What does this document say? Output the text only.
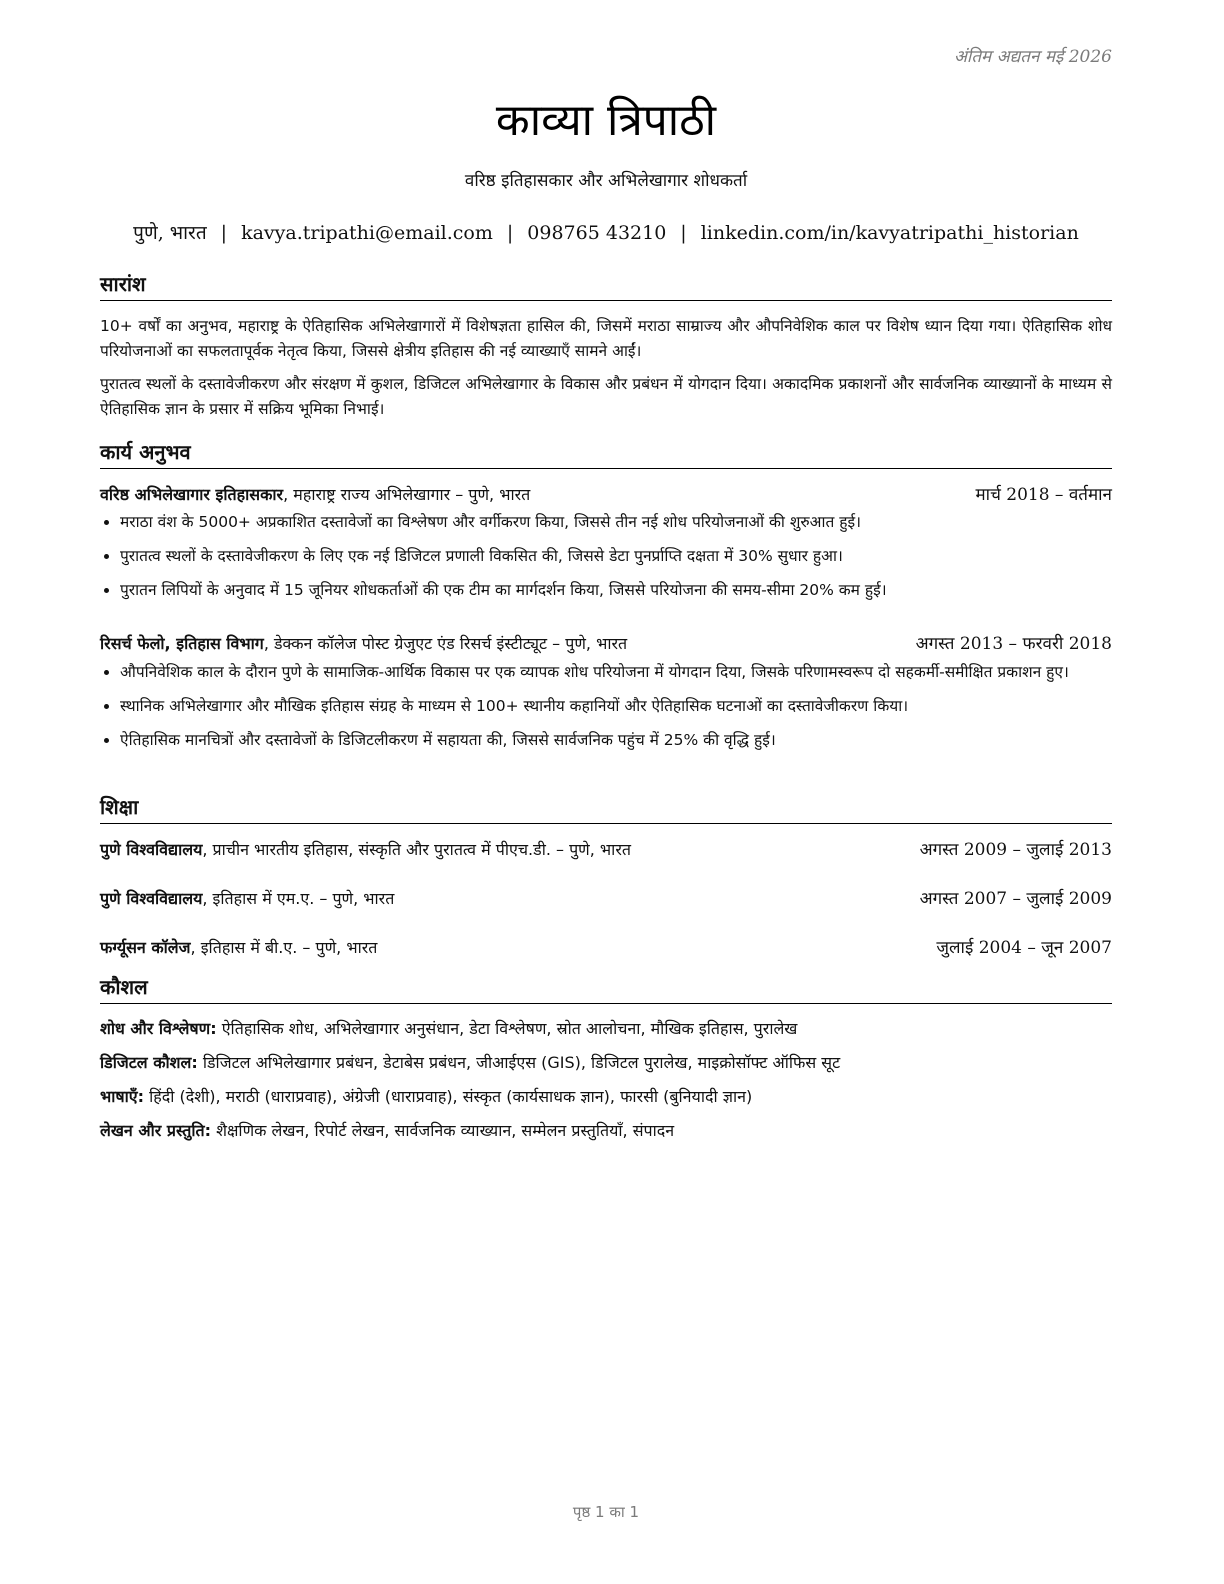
अंतिम अद्यतन मई 2026
काव्या त्रिपाठी
वरिष्ठ इतिहासकार और अभिलेखागार शोधकर्ता
पुणे, भारत | kavya.tripathi@email.com | 098765 43210 | linkedin.com/in/kavyatripathi_historian
सारांश
10+ वर्षों का अनुभव, महाराष्ट्र के ऐतिहासिक अभिलेखागारों में विशेषज्ञता हासिल की, जिसमें मराठा साम्राज्य और औपनिवेशिक काल पर विशेष ध्यान दिया गया। ऐतिहासिक शोध परियोजनाओं का सफलतापूर्वक नेतृत्व किया, जिससे क्षेत्रीय इतिहास की नई व्याख्याएँ सामने आईं।
पुरातत्व स्थलों के दस्तावेजीकरण और संरक्षण में कुशल, डिजिटल अभिलेखागार के विकास और प्रबंधन में योगदान दिया। अकादमिक प्रकाशनों और सार्वजनिक व्याख्यानों के माध्यम से ऐतिहासिक ज्ञान के प्रसार में सक्रिय भूमिका निभाई।
कार्य अनुभव
वरिष्ठ अभिलेखागार इतिहासकार, महाराष्ट्र राज्य अभिलेखागार – पुणे, भारत	मार्च 2018 – वर्तमान
• मराठा वंश के 5000+ अप्रकाशित दस्तावेजों का विश्लेषण और वर्गीकरण किया, जिससे तीन नई शोध परियोजनाओं की शुरुआत हुई।
• पुरातत्व स्थलों के दस्तावेजीकरण के लिए एक नई डिजिटल प्रणाली विकसित की, जिससे डेटा पुनर्प्राप्ति दक्षता में 30% सुधार हुआ।
• पुरातन लिपियों के अनुवाद में 15 जूनियर शोधकर्ताओं की एक टीम का मार्गदर्शन किया, जिससे परियोजना की समय-सीमा 20% कम हुई।
रिसर्च फेलो, इतिहास विभाग, डेक्कन कॉलेज पोस्ट ग्रेजुएट एंड रिसर्च इंस्टीट्यूट – पुणे, भारत	अगस्त 2013 – फरवरी 2018
• औपनिवेशिक काल के दौरान पुणे के सामाजिक-आर्थिक विकास पर एक व्यापक शोध परियोजना में योगदान दिया, जिसके परिणामस्वरूप दो सहकर्मी-समीक्षित प्रकाशन हुए।
• स्थानिक अभिलेखागार और मौखिक इतिहास संग्रह के माध्यम से 100+ स्थानीय कहानियों और ऐतिहासिक घटनाओं का दस्तावेजीकरण किया।
• ऐतिहासिक मानचित्रों और दस्तावेजों के डिजिटलीकरण में सहायता की, जिससे सार्वजनिक पहुंच में 25% की वृद्धि हुई।
शिक्षा
पुणे विश्वविद्यालय, प्राचीन भारतीय इतिहास, संस्कृति और पुरातत्व में पीएच.डी. – पुणे, भारत	अगस्त 2009 – जुलाई 2013
पुणे विश्वविद्यालय, इतिहास में एम.ए. – पुणे, भारत	अगस्त 2007 – जुलाई 2009
फर्ग्यूसन कॉलेज, इतिहास में बी.ए. – पुणे, भारत	जुलाई 2004 – जून 2007
कौशल
शोध और विश्लेषण: ऐतिहासिक शोध, अभिलेखागार अनुसंधान, डेटा विश्लेषण, स्रोत आलोचना, मौखिक इतिहास, पुरालेख
डिजिटल कौशल: डिजिटल अभिलेखागार प्रबंधन, डेटाबेस प्रबंधन, जीआईएस (GIS), डिजिटल पुरालेख, माइक्रोसॉफ्ट ऑफिस सूट
भाषाएँ: हिंदी (देशी), मराठी (धाराप्रवाह), अंग्रेजी (धाराप्रवाह), संस्कृत (कार्यसाधक ज्ञान), फारसी (बुनियादी ज्ञान)
लेखन और प्रस्तुति: शैक्षणिक लेखन, रिपोर्ट लेखन, सार्वजनिक व्याख्यान, सम्मेलन प्रस्तुतियाँ, संपादन
पृष्ठ 1 का 1
